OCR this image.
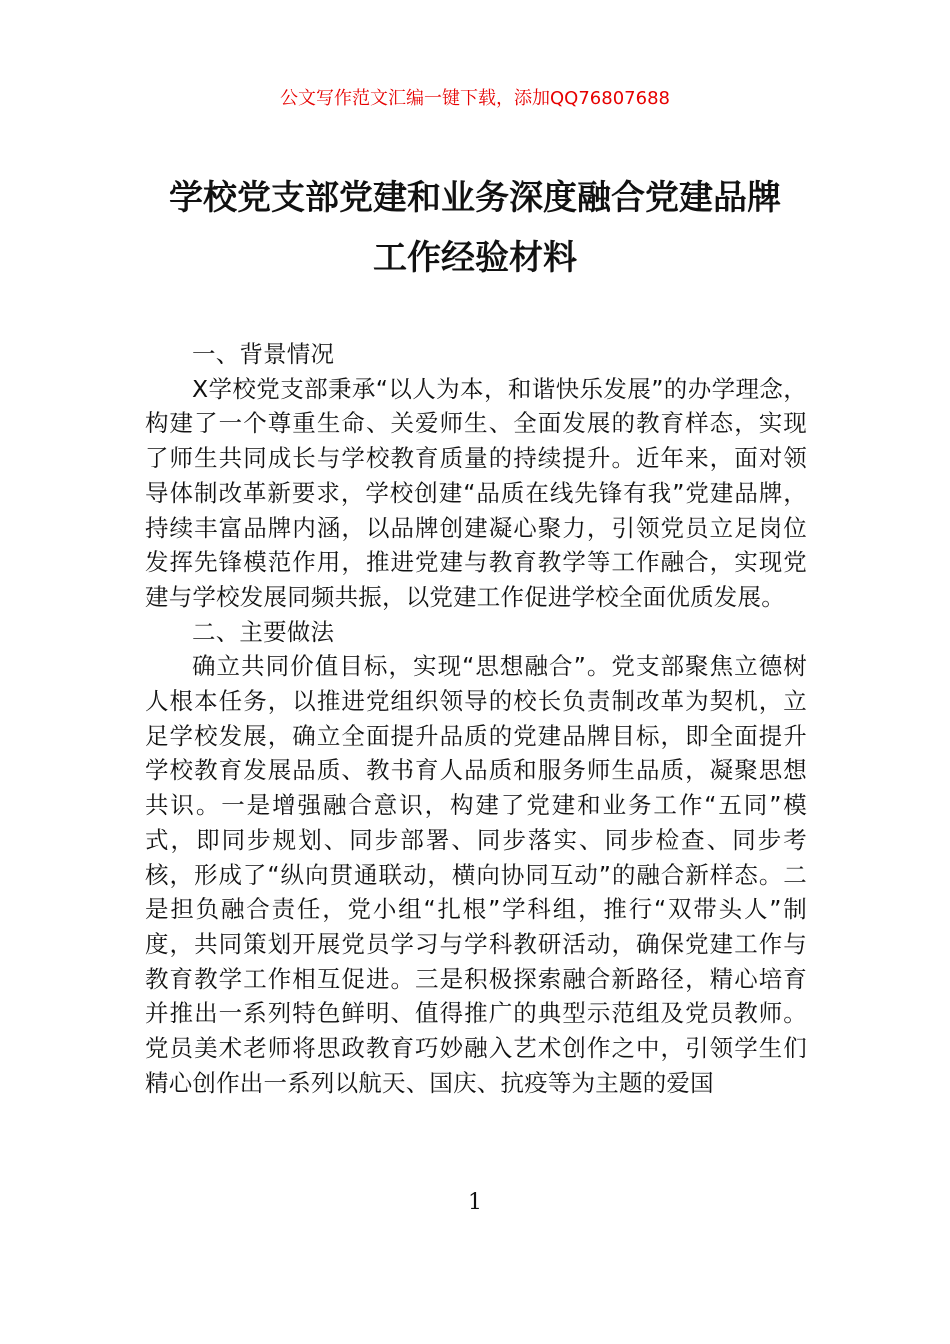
公文写作范文汇编一键下载，添加QQ76807688
学校党支部党建和业务深度融合党建品牌
工作经验材料

一、背景情况

X学校党支部秉承“以人为本，和谐快乐发展”的办学理念，构建了一个尊重生命、关爱师生、全面发展的教育样态，实现了师生共同成长与学校教育质量的持续提升。近年来，面对领导体制改革新要求，学校创建“品质在线先锋有我”党建品牌，持续丰富品牌内涵，以品牌创建凝心聚力，引领党员立足岗位发挥先锋模范作用，推进党建与教育教学等工作融合，实现党建与学校发展同频共振，以党建工作促进学校全面优质发展。

二、主要做法

确立共同价值目标，实现“思想融合”。党支部聚焦立德树人根本任务，以推进党组织领导的校长负责制改革为契机，立足学校发展，确立全面提升品质的党建品牌目标，即全面提升学校教育发展品质、教书育人品质和服务师生品质，凝聚思想共识。一是增强融合意识，构建了党建和业务工作“五同”模式，即同步规划、同步部署、同步落实、同步检查、同步考核，形成了“纵向贯通联动，横向协同互动”的融合新样态。二是担负融合责任，党小组“扎根”学科组，推行“双带头人”制度，共同策划开展党员学习与学科教研活动，确保党建工作与教育教学工作相互促进。三是积极探索融合新路径，精心培育并推出一系列特色鲜明、值得推广的典型示范组及党员教师。党员美术老师将思政教育巧妙融入艺术创作之中，引领学生们精心创作出一系列以航天、国庆、抗疫等为主题的爱国

1
